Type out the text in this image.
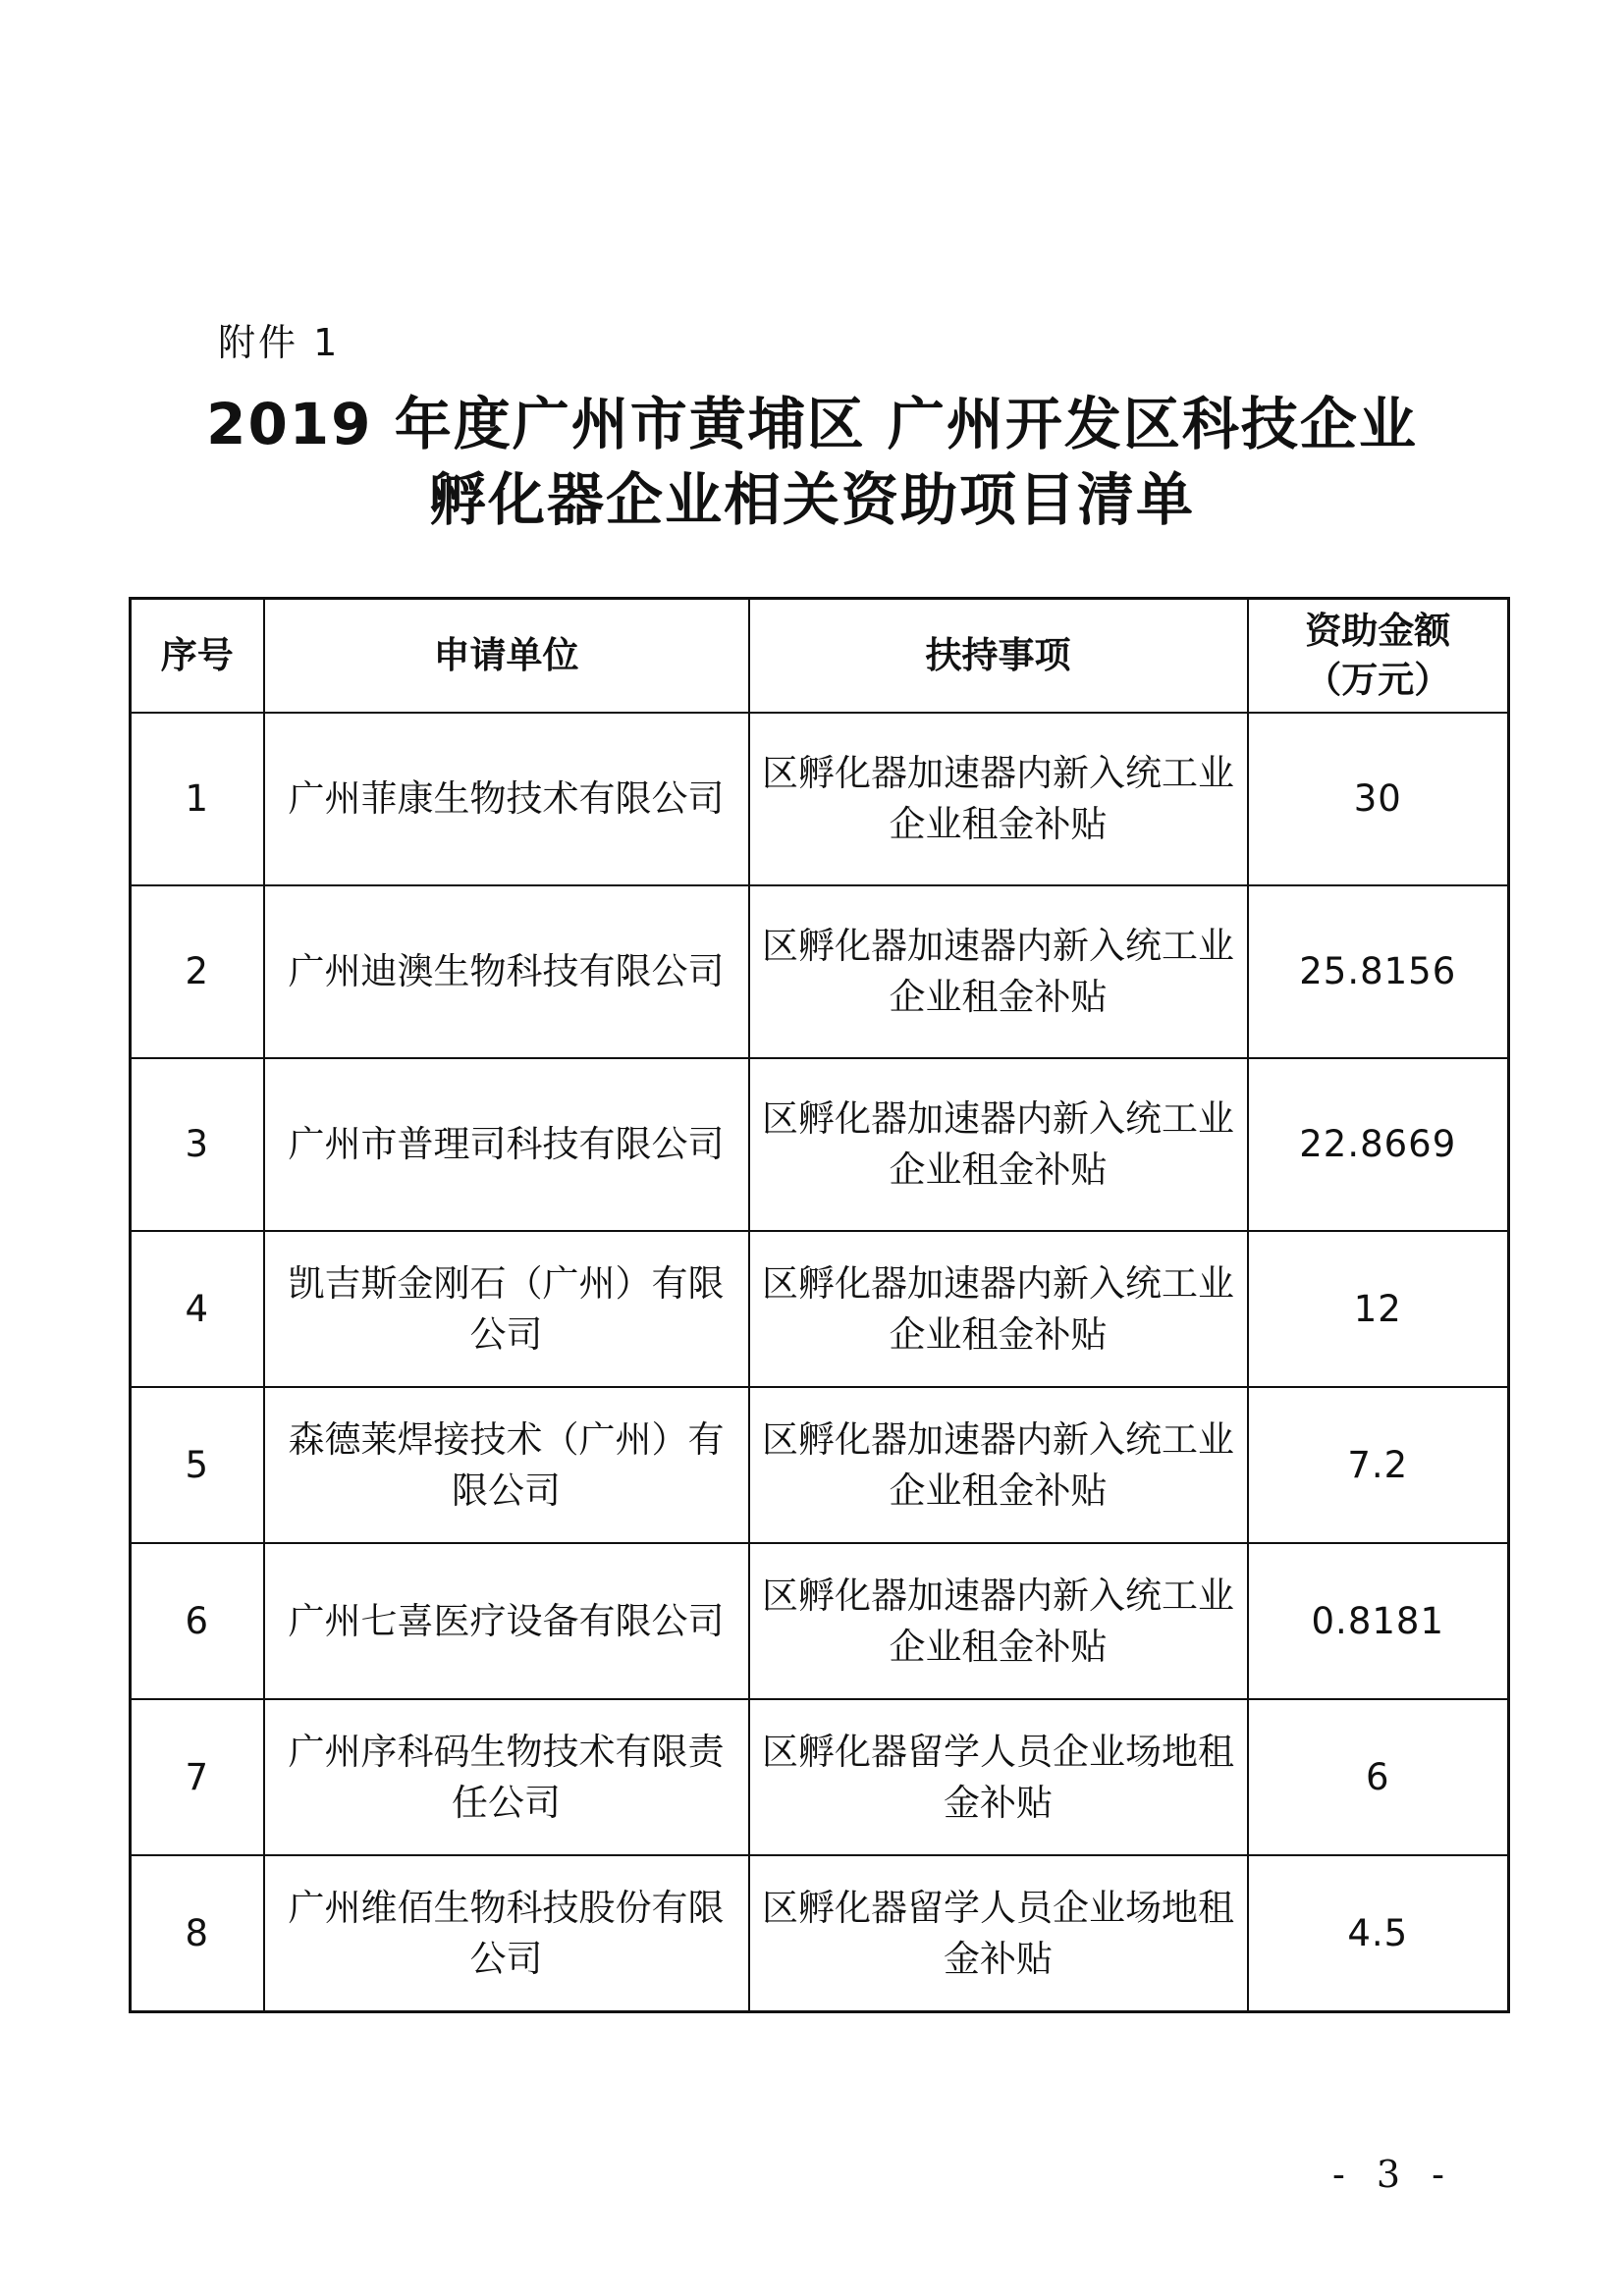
附件 1
2019 年度广州市黄埔区 广州开发区科技企业
孵化器企业相关资助项目清单
序号	申请单位	扶持事项	资助金额
（万元）

1	广州菲康生物技术有限公司	区孵化器加速器内新入统工业企业租金补贴	30
2	广州迪澳生物科技有限公司	区孵化器加速器内新入统工业企业租金补贴	25.8156
3	广州市普理司科技有限公司	区孵化器加速器内新入统工业企业租金补贴	22.8669
4	凯吉斯金刚石（广州）有限公司	区孵化器加速器内新入统工业企业租金补贴	12
5	森德莱焊接技术（广州）有限公司	区孵化器加速器内新入统工业企业租金补贴	7.2
6	广州七喜医疗设备有限公司	区孵化器加速器内新入统工业企业租金补贴	0.8181
7	广州序科码生物技术有限责任公司	区孵化器留学人员企业场地租金补贴	6
8	广州维佰生物科技股份有限公司	区孵化器留学人员企业场地租金补贴	4.5
- 3 -
